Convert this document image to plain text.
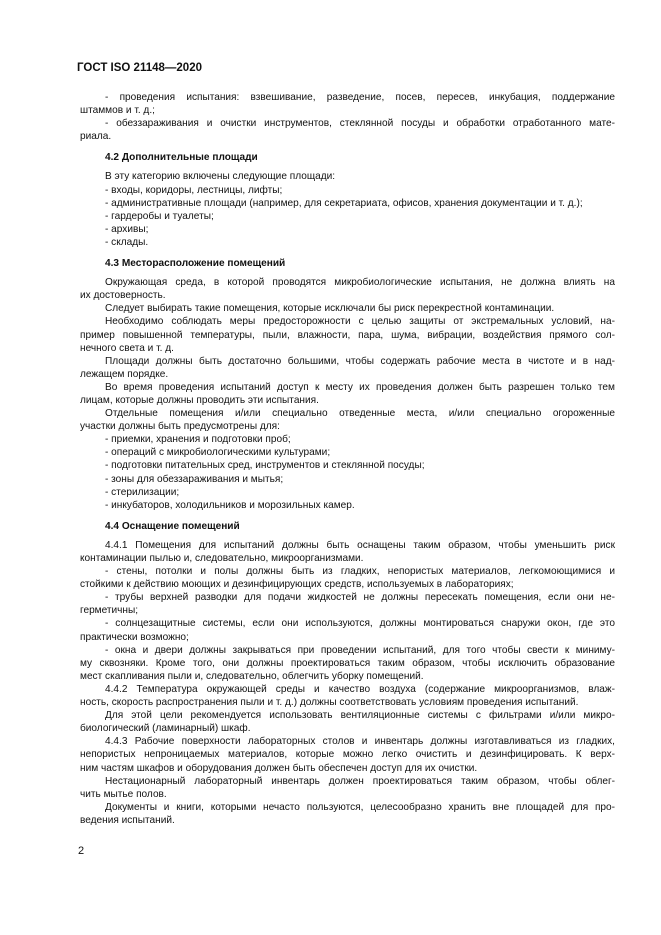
ГОСТ ISO 21148—2020
- проведения испытания: взвешивание, разведение, посев, пересев, инкубация, поддержание
штаммов и т. д.;
- обеззараживания и очистки инструментов, стеклянной посуды и обработки отработанного мате-
риала.
4.2 Дополнительные площади
В эту категорию включены следующие площади:
- входы, коридоры, лестницы, лифты;
- административные площади (например, для секретариата, офисов, хранения документации и т. д.);
- гардеробы и туалеты;
- архивы;
- склады.
4.3 Месторасположение помещений
Окружающая среда, в которой проводятся микробиологические испытания, не должна влиять на
их достоверность.
Следует выбирать такие помещения, которые исключали бы риск перекрестной контаминации.
Необходимо соблюдать меры предосторожности с целью защиты от экстремальных условий, на-
пример повышенной температуры, пыли, влажности, пара, шума, вибрации, воздействия прямого сол-
нечного света и т. д.
Площади должны быть достаточно большими, чтобы содержать рабочие места в чистоте и в над-
лежащем порядке.
Во время проведения испытаний доступ к месту их проведения должен быть разрешен только тем
лицам, которые должны проводить эти испытания.
Отдельные помещения и/или специально отведенные места, и/или специально огороженные
участки должны быть предусмотрены для:
- приемки, хранения и подготовки проб;
- операций с микробиологическими культурами;
- подготовки питательных сред, инструментов и стеклянной посуды;
- зоны для обеззараживания и мытья;
- стерилизации;
- инкубаторов, холодильников и морозильных камер.
4.4 Оснащение помещений
4.4.1 Помещения для испытаний должны быть оснащены таким образом, чтобы уменьшить риск
контаминации пылью и, следовательно, микроорганизмами.
- стены, потолки и полы должны быть из гладких, непористых материалов, легкомоющимися и
стойкими к действию моющих и дезинфицирующих средств, используемых в лабораториях;
- трубы верхней разводки для подачи жидкостей не должны пересекать помещения, если они не-
герметичны;
- солнцезащитные системы, если они используются, должны монтироваться снаружи окон, где это
практически возможно;
- окна и двери должны закрываться при проведении испытаний, для того чтобы свести к миниму-
му сквозняки. Кроме того, они должны проектироваться таким образом, чтобы исключить образование
мест скапливания пыли и, следовательно, облегчить уборку помещений.
4.4.2 Температура окружающей среды и качество воздуха (содержание микроорганизмов, влаж-
ность, скорость распространения пыли и т. д.) должны соответствовать условиям проведения испытаний.
Для этой цели рекомендуется использовать вентиляционные системы с фильтрами и/или микро-
биологический (ламинарный) шкаф.
4.4.3 Рабочие поверхности лабораторных столов и инвентарь должны изготавливаться из гладких,
непористых непроницаемых материалов, которые можно легко очистить и дезинфицировать. К верх-
ним частям шкафов и оборудования должен быть обеспечен доступ для их очистки.
Нестационарный лабораторный инвентарь должен проектироваться таким образом, чтобы облег-
чить мытье полов.
Документы и книги, которыми нечасто пользуются, целесообразно хранить вне площадей для про-
ведения испытаний.
2
